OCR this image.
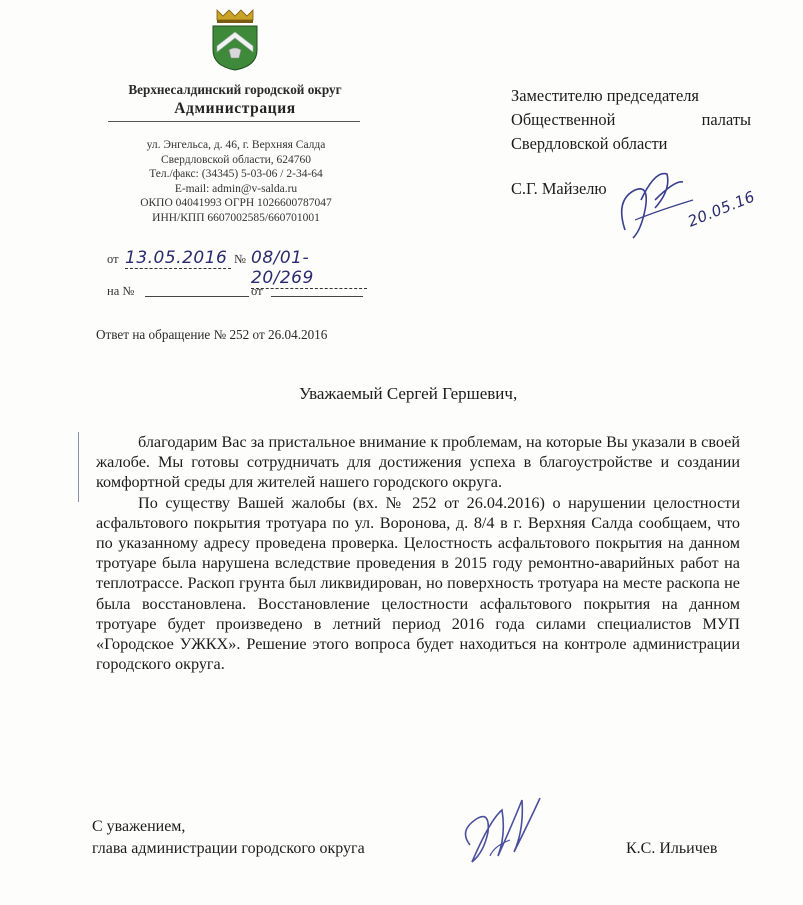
Верхнесалдинский городской округ
Администрация
ул. Энгельса, д. 46, г. Верхняя Салда
Свердловской области, 624760
Тел./факс: (34345) 5-03-06 / 2-34-64
E-mail: admin@v-salda.ru
ОКПО 04041993 ОГРН 1026600787047
ИНН/КПП 6607002585/660701001
от 13.05.2016 № 08/01-20/269
на №	от
Ответ на обращение № 252 от 26.04.2016
Заместителю председателя
Общественной палаты
Свердловской области
С.Г. Майзелю	20.05.16
Уважаемый Сергей Гершевич,

благодарим Вас за пристальное внимание к проблемам, на которые Вы указали в своей жалобе. Мы готовы сотрудничать для достижения успеха в благоустройстве и создании комфортной среды для жителей нашего городского округа.

По существу Вашей жалобы (вх. № 252 от 26.04.2016) о нарушении целостности асфальтового покрытия тротуара по ул. Воронова, д. 8/4 в г. Верхняя Салда сообщаем, что по указанному адресу проведена проверка. Целостность асфальтового покрытия на данном тротуаре была нарушена вследствие проведения в 2015 году ремонтно-аварийных работ на теплотрассе. Раскоп грунта был ликвидирован, но поверхность тротуара на месте раскопа не была восстановлена. Восстановление целостности асфальтового покрытия на данном тротуаре будет произведено в летний период 2016 года силами специалистов МУП «Городское УЖКХ». Решение этого вопроса будет находиться на контроле администрации городского округа.

С уважением,
глава администрации городского округа	К.С. Ильичев
